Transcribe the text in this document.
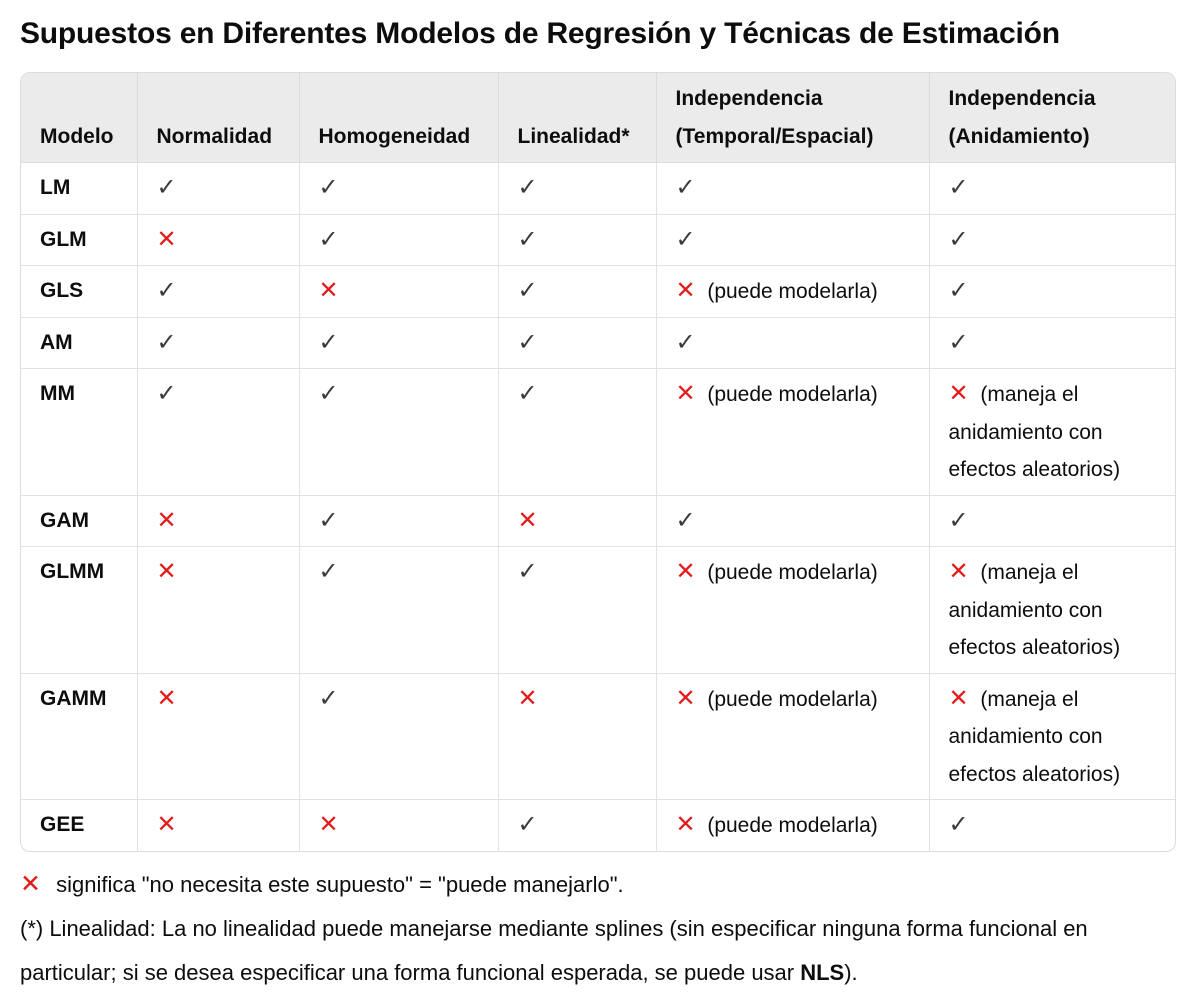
Supuestos en Diferentes Modelos de Regresión y Técnicas de Estimación
Modelo	Normalidad	Homogeneidad	Linealidad*	Independencia (Temporal/Espacial)	Independencia (Anidamiento)
LM	✓	✓	✓	✓	✓
GLM	✕	✓	✓	✓	✓
GLS	✓	✕	✓	✕ (puede modelarla)	✓
AM	✓	✓	✓	✓	✓
MM	✓	✓	✓	✕ (puede modelarla)	✕ (maneja el anidamiento con efectos aleatorios)
GAM	✕	✓	✕	✓	✓
GLMM	✕	✓	✓	✕ (puede modelarla)	✕ (maneja el anidamiento con efectos aleatorios)
GAMM	✕	✓	✕	✕ (puede modelarla)	✕ (maneja el anidamiento con efectos aleatorios)
GEE	✕	✕	✓	✕ (puede modelarla)	✓
✕ significa "no necesita este supuesto" = "puede manejarlo".
(*) Linealidad: La no linealidad puede manejarse mediante splines (sin especificar ninguna forma funcional en particular; si se desea especificar una forma funcional esperada, se puede usar NLS).
